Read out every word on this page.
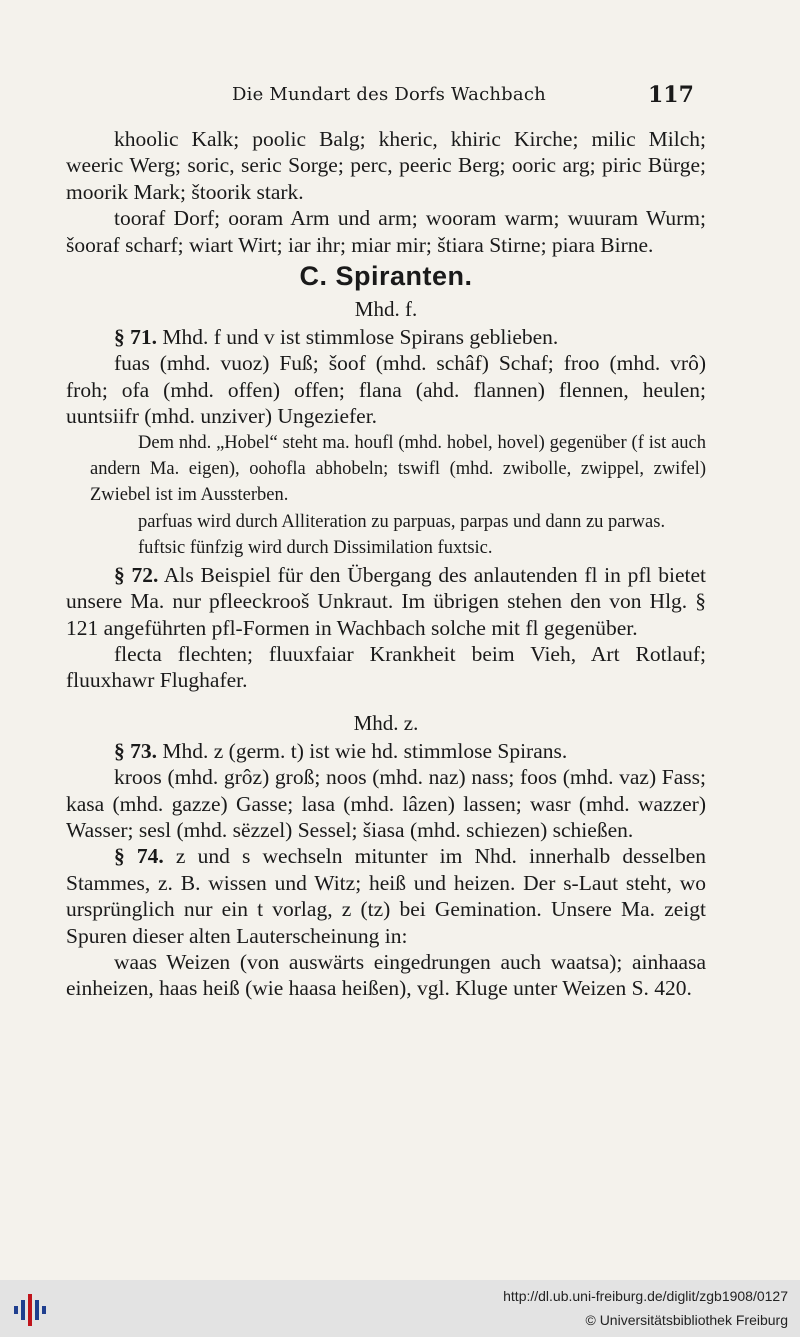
Die Mundart des Dorfs Wachbach	117

khoolic Kalk; poolic Balg; kheric, khiric Kirche; milic Milch; weeric Werg; soric, seric Sorge; perc, peeric Berg; ooric arg; piric Bürge; moorik Mark; štoorik stark.

tooraf Dorf; ooram Arm und arm; wooram warm; wuuram Wurm; šooraf scharf; wiart Wirt; iar ihr; miar mir; štiara Stirne; piara Birne.

C. Spiranten.
Mhd. f.

§ 71. Mhd. f und v ist stimmlose Spirans geblieben.

fuas (mhd. vuoz) Fuß; šoof (mhd. schâf) Schaf; froo (mhd. vrô) froh; ofa (mhd. offen) offen; flana (ahd. flannen) flennen, heulen; uuntsiifr (mhd. unziver) Ungeziefer.

Dem nhd. „Hobel“ steht ma. houfl (mhd. hobel, hovel) gegenüber (f ist auch andern Ma. eigen), oohofla abhobeln; tswifl (mhd. zwibolle, zwippel, zwifel) Zwiebel ist im Aussterben.

parfuas wird durch Alliteration zu parpuas, parpas und dann zu parwas.

fuftsic fünfzig wird durch Dissimilation fuxtsic.

§ 72. Als Beispiel für den Übergang des anlautenden fl in pfl bietet unsere Ma. nur pfleeckrooš Unkraut. Im übrigen stehen den von Hlg. § 121 angeführten pfl-Formen in Wachbach solche mit fl gegenüber.

flecta flechten; fluuxfaiar Krankheit beim Vieh, Art Rotlauf; fluuxhawr Flughafer.

Mhd. z.

§ 73. Mhd. z (germ. t) ist wie hd. stimmlose Spirans.

kroos (mhd. grôz) groß; noos (mhd. naz) nass; foos (mhd. vaz) Fass; kasa (mhd. gazze) Gasse; lasa (mhd. lâzen) lassen; wasr (mhd. wazzer) Wasser; sesl (mhd. sëzzel) Sessel; šiasa (mhd. schiezen) schießen.

§ 74. z und s wechseln mitunter im Nhd. innerhalb desselben Stammes, z. B. wissen und Witz; heiß und heizen. Der s-Laut steht, wo ursprünglich nur ein t vorlag, z (tz) bei Gemination. Unsere Ma. zeigt Spuren dieser alten Lauterscheinung in:

waas Weizen (von auswärts eingedrungen auch waatsa); ainhaasa einheizen, haas heiß (wie haasa heißen), vgl. Kluge unter Weizen S. 420.

http://dl.ub.uni-freiburg.de/diglit/zgb1908/0127
© Universitätsbibliothek Freiburg
